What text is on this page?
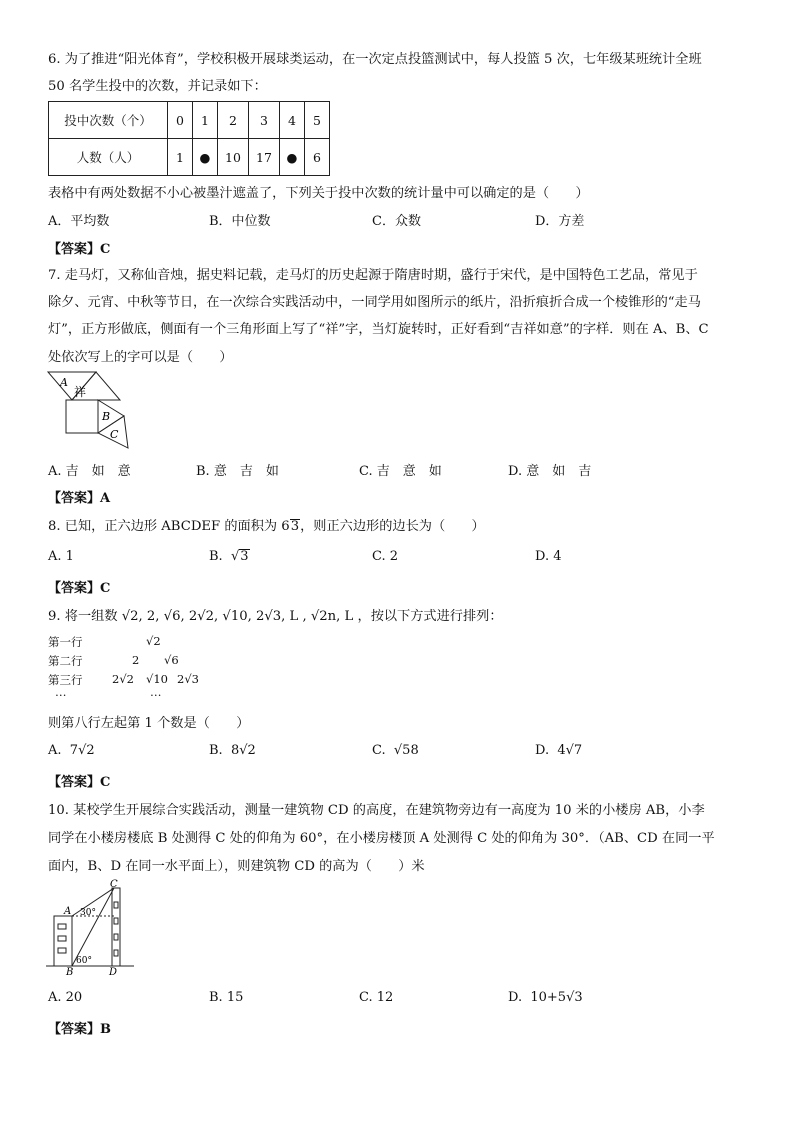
6. 为了推进“阳光体育”，学校积极开展球类运动，在一次定点投篮测试中，每人投篮 5 次，七年级某班统计全班
50 名学生投中的次数，并记录如下：
投中次数（个）	0	1	2	3	4	5
人数（人）	1	●	10	17	●	6
表格中有两处数据不小心被墨汁遮盖了，下列关于投中次数的统计量中可以确定的是（　　）
A．平均数	B．中位数	C．众数	D．方差
【答案】C
7. 走马灯，又称仙音烛，据史料记载，走马灯的历史起源于隋唐时期，盛行于宋代，是中国特色工艺品，常见于
除夕、元宵、中秋等节日，在一次综合实践活动中，一同学用如图所示的纸片，沿折痕折合成一个棱锥形的“走马
灯”，正方形做底，侧面有一个三角形面上写了“祥”字，当灯旋转时，正好看到“吉祥如意”的字样．则在 A、B、C
处依次写上的字可以是（　　）
A
祥
B
C
A. 吉　如　意	B. 意　吉　如	C. 吉　意　如	D. 意　如　吉
【答案】A
8. 已知，正六边形 ABCDEF 的面积为 63，则正六边形的边长为（　　）
A. 1	B.  √3	C. 2	D. 4
【答案】C
9. 将一组数 √2, 2, √6, 2√2, √10, 2√3, L , √2n, L ，按以下方式进行排列：
第一行	√2
第二行	2 √6
第三行	2√2 √10 2√3
…	…
则第八行左起第 1 个数是（　　）
A. 7√2	B. 8√2	C. √58	D. 4√7
【答案】C
10. 某校学生开展综合实践活动，测量一建筑物 CD 的高度，在建筑物旁边有一高度为 10 米的小楼房 AB，小李
同学在小楼房楼底 B 处测得 C 处的仰角为 60°，在小楼房楼顶 A 处测得 C 处的仰角为 30°．（AB、CD 在同一平
面内，B、D 在同一水平面上），则建筑物 CD 的高为（　　）米
C
A 30°
60°
B	D
A. 20	B. 15	C. 12	D. 10+5√3
【答案】B
